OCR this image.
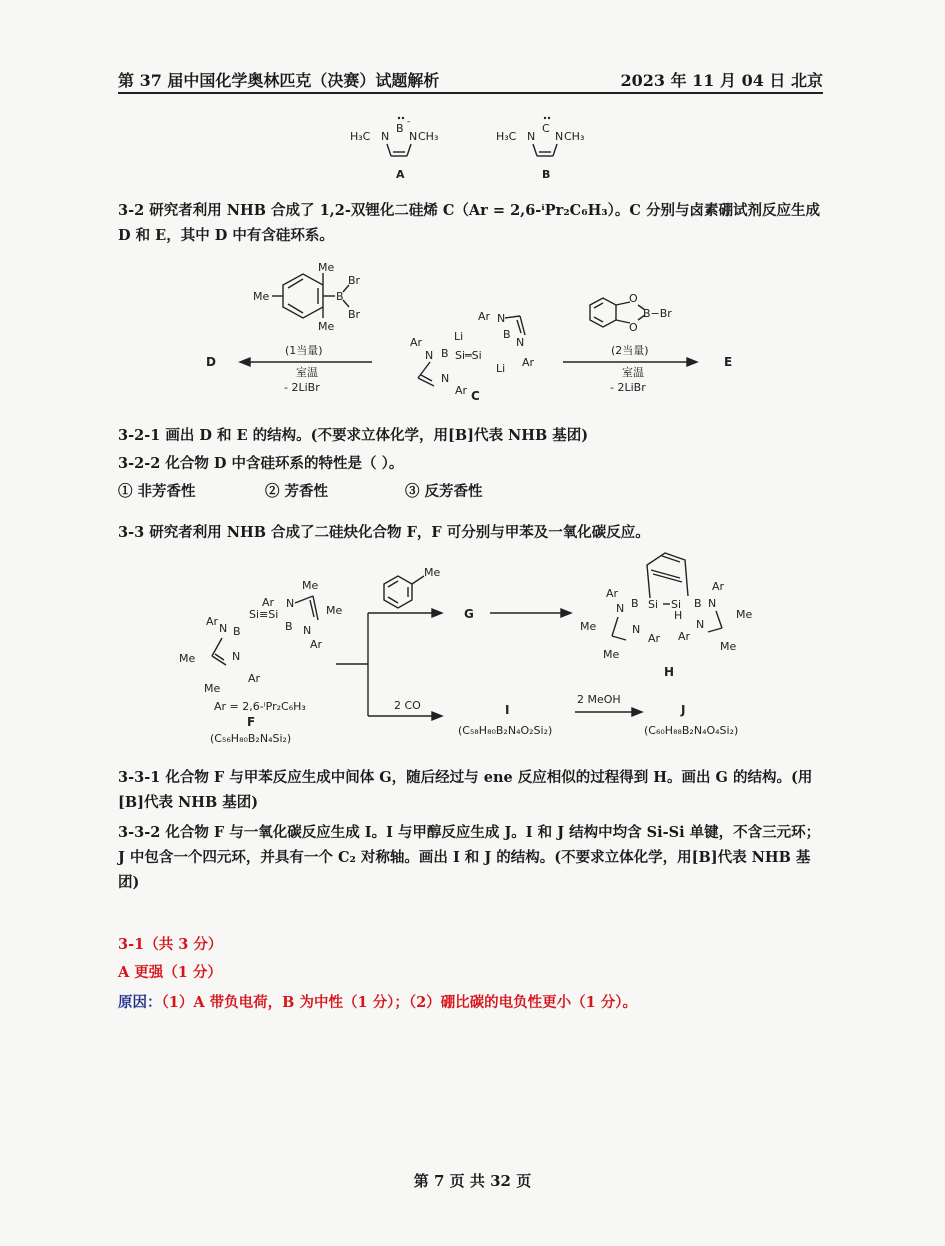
第 37 届中国化学奥林匹克（决赛）试题解析	2023 年 11 月 04 日 北京
H₃C N
B
N CH₃
-
A
H₃C N
C
N CH₃
B
Me
Me
Me
B
Br
Br
(1当量)
室温
- 2LiBr
D	Si═Si
Li
Li
B
N
N
Ar
Ar
B
N
N
Ar
Ar
C
O
O
B−Br
(2当量)
室温
- 2LiBr
E
Si≡Si
B
N
N
Ar
Ar
Me
Me
B
N
N
Ar
Ar
Me
Me
Ar = 2,6-ⁱPr₂C₆H₃
F
(C₅₆H₈₀B₂N₄Si₂)
Me
G
Si Si
H
B
N
N
Ar
Ar
Me
Me
B N
N
Ar
Ar
Me
Me
H
2 CO	I
(C₅₈H₈₀B₂N₄O₂Si₂)
2 MeOH
J
(C₆₀H₈₈B₂N₄O₄Si₂)
3-2 研究者利用 NHB 合成了 1,2-双锂化二硅烯 C（Ar = 2,6-ⁱPr₂C₆H₃）。C 分别与卤素硼试剂反应生成 D 和 E，其中 D 中有含硅环系。
3-2-1 画出 D 和 E 的结构。(不要求立体化学，用[B]代表 NHB 基团)
3-2-2 化合物 D 中含硅环系的特性是（ ）。
① 非芳香性	② 芳香性	③ 反芳香性
3-3 研究者利用 NHB 合成了二硅炔化合物 F，F 可分别与甲苯及一氧化碳反应。
3-3-1 化合物 F 与甲苯反应生成中间体 G，随后经过与 ene 反应相似的过程得到 H。画出 G 的结构。(用[B]代表 NHB 基团)
3-3-2 化合物 F 与一氧化碳反应生成 I。I 与甲醇反应生成 J。I 和 J 结构中均含 Si-Si 单键，不含三元环；J 中包含一个四元环，并具有一个 C₂ 对称轴。画出 I 和 J 的结构。(不要求立体化学，用[B]代表 NHB 基团)
3-1（共 3 分）
A 更强（1 分）
原因：（1）A 带负电荷，B 为中性（1 分）；（2）硼比碳的电负性更小（1 分）。
第 7 页 共 32 页
